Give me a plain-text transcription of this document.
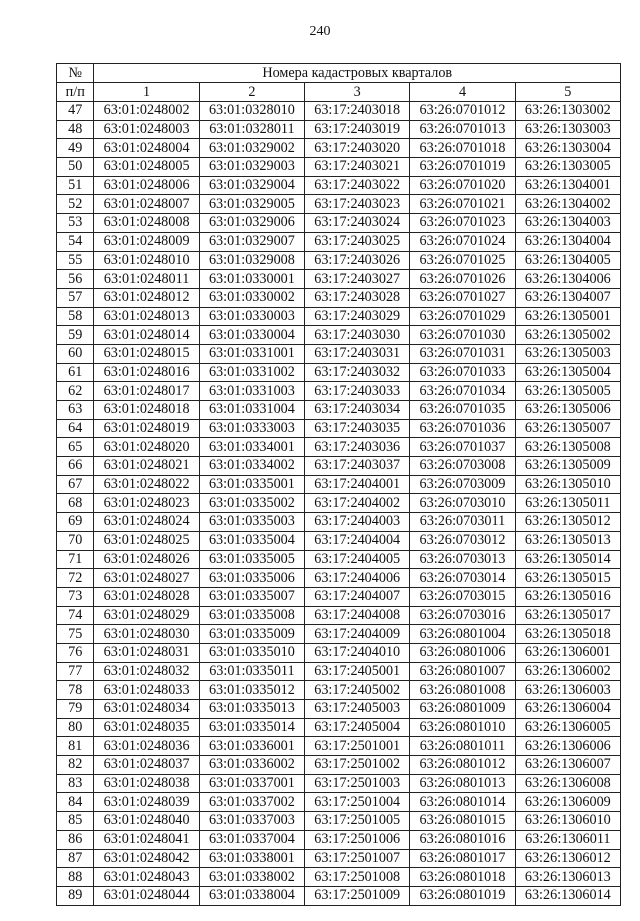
240
№	Номера кадастровых кварталов				
п/п	1	2	3	4	5
47	63:01:0248002	63:01:0328010	63:17:2403018	63:26:0701012	63:26:1303002
48	63:01:0248003	63:01:0328011	63:17:2403019	63:26:0701013	63:26:1303003
49	63:01:0248004	63:01:0329002	63:17:2403020	63:26:0701018	63:26:1303004
50	63:01:0248005	63:01:0329003	63:17:2403021	63:26:0701019	63:26:1303005
51	63:01:0248006	63:01:0329004	63:17:2403022	63:26:0701020	63:26:1304001
52	63:01:0248007	63:01:0329005	63:17:2403023	63:26:0701021	63:26:1304002
53	63:01:0248008	63:01:0329006	63:17:2403024	63:26:0701023	63:26:1304003
54	63:01:0248009	63:01:0329007	63:17:2403025	63:26:0701024	63:26:1304004
55	63:01:0248010	63:01:0329008	63:17:2403026	63:26:0701025	63:26:1304005
56	63:01:0248011	63:01:0330001	63:17:2403027	63:26:0701026	63:26:1304006
57	63:01:0248012	63:01:0330002	63:17:2403028	63:26:0701027	63:26:1304007
58	63:01:0248013	63:01:0330003	63:17:2403029	63:26:0701029	63:26:1305001
59	63:01:0248014	63:01:0330004	63:17:2403030	63:26:0701030	63:26:1305002
60	63:01:0248015	63:01:0331001	63:17:2403031	63:26:0701031	63:26:1305003
61	63:01:0248016	63:01:0331002	63:17:2403032	63:26:0701033	63:26:1305004
62	63:01:0248017	63:01:0331003	63:17:2403033	63:26:0701034	63:26:1305005
63	63:01:0248018	63:01:0331004	63:17:2403034	63:26:0701035	63:26:1305006
64	63:01:0248019	63:01:0333003	63:17:2403035	63:26:0701036	63:26:1305007
65	63:01:0248020	63:01:0334001	63:17:2403036	63:26:0701037	63:26:1305008
66	63:01:0248021	63:01:0334002	63:17:2403037	63:26:0703008	63:26:1305009
67	63:01:0248022	63:01:0335001	63:17:2404001	63:26:0703009	63:26:1305010
68	63:01:0248023	63:01:0335002	63:17:2404002	63:26:0703010	63:26:1305011
69	63:01:0248024	63:01:0335003	63:17:2404003	63:26:0703011	63:26:1305012
70	63:01:0248025	63:01:0335004	63:17:2404004	63:26:0703012	63:26:1305013
71	63:01:0248026	63:01:0335005	63:17:2404005	63:26:0703013	63:26:1305014
72	63:01:0248027	63:01:0335006	63:17:2404006	63:26:0703014	63:26:1305015
73	63:01:0248028	63:01:0335007	63:17:2404007	63:26:0703015	63:26:1305016
74	63:01:0248029	63:01:0335008	63:17:2404008	63:26:0703016	63:26:1305017
75	63:01:0248030	63:01:0335009	63:17:2404009	63:26:0801004	63:26:1305018
76	63:01:0248031	63:01:0335010	63:17:2404010	63:26:0801006	63:26:1306001
77	63:01:0248032	63:01:0335011	63:17:2405001	63:26:0801007	63:26:1306002
78	63:01:0248033	63:01:0335012	63:17:2405002	63:26:0801008	63:26:1306003
79	63:01:0248034	63:01:0335013	63:17:2405003	63:26:0801009	63:26:1306004
80	63:01:0248035	63:01:0335014	63:17:2405004	63:26:0801010	63:26:1306005
81	63:01:0248036	63:01:0336001	63:17:2501001	63:26:0801011	63:26:1306006
82	63:01:0248037	63:01:0336002	63:17:2501002	63:26:0801012	63:26:1306007
83	63:01:0248038	63:01:0337001	63:17:2501003	63:26:0801013	63:26:1306008
84	63:01:0248039	63:01:0337002	63:17:2501004	63:26:0801014	63:26:1306009
85	63:01:0248040	63:01:0337003	63:17:2501005	63:26:0801015	63:26:1306010
86	63:01:0248041	63:01:0337004	63:17:2501006	63:26:0801016	63:26:1306011
87	63:01:0248042	63:01:0338001	63:17:2501007	63:26:0801017	63:26:1306012
88	63:01:0248043	63:01:0338002	63:17:2501008	63:26:0801018	63:26:1306013
89	63:01:0248044	63:01:0338004	63:17:2501009	63:26:0801019	63:26:1306014
